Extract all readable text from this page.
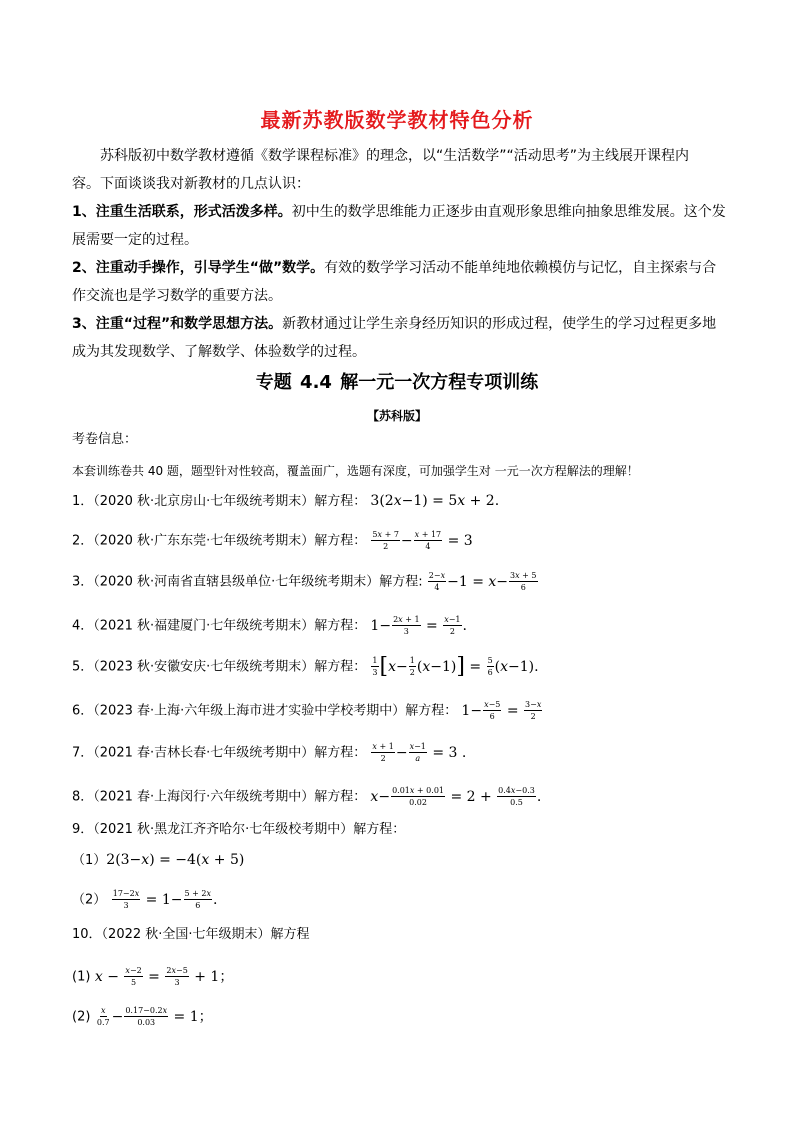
最新苏教版数学教材特色分析
苏科版初中数学教材遵循《数学课程标准》的理念，以“生活数学”“活动思考”为主线展开课程内
容。下面谈谈我对新教材的几点认识：
1、注重生活联系，形式活泼多样。初中生的数学思维能力正逐步由直观形象思维向抽象思维发展。这个发
展需要一定的过程。
2、注重动手操作，引导学生“做”数学。有效的数学学习活动不能单纯地依赖模仿与记忆，自主探索与合
作交流也是学习数学的重要方法。
3、注重“过程”和数学思想方法。新教材通过让学生亲身经历知识的形成过程，使学生的学习过程更多地
成为其发现数学、了解数学、体验数学的过程。
专题 4.4 解一元一次方程专项训练
【苏科版】
考卷信息：
本套训练卷共 40 题，题型针对性较高，覆盖面广，选题有深度，可加强学生对 一元一次方程解法的理解！
1．（2020 秋·北京房山·七年级统考期末）解方程： 3(2x−1) = 5x + 2.
2．（2020 秋·广东东莞·七年级统考期末）解方程： $\frac{5x + 7}{2} - \frac{x + 17}{4} = 3$
3．（2020 秋·河南省直辖县级单位·七年级统考期末）解方程: $\frac{2-x}{4} -1 = x- \frac{3x + 5}{6}$
4．（2021 秋·福建厦门·七年级统考期末）解方程： $1- \frac{2x + 1}{3} = \frac{x-1}{2}$ .
5．（2023 秋·安徽安庆·七年级统考期末）解方程： $\frac{1}{3} [x- \frac{1}{2} (x-1)] = \frac{5}{6} (x-1)$.
6．（2023 春·上海·六年级上海市进才实验中学校考期中）解方程： $1- \frac{x-5}{6} = \frac{3-x}{2}$
7．（2021 春·吉林长春·七年级统考期中）解方程： $\frac{x + 1}{2} - \frac{x-1}{a} = 3$ .
8．（2021 春·上海闵行·六年级统考期中）解方程： $x- \frac{0.01x + 0.01}{0.02} = 2 + \frac{0.4x-0.3}{0.5}$ .
9．（2021 秋·黑龙江齐齐哈尔·七年级校考期中）解方程：
（1）2(3−x) = −4(x + 5)
$(2) \frac{17-2x}{3} = 1- \frac{5 + 2x}{6}$ .
10．（2022 秋·全国·七年级期末）解方程
(1) $x - \frac{x-2}{5} = \frac{2x-5}{3} + 1$；
$(2) \frac{x}{0.7} - \frac{0.17-0.2x}{0.03} = 1$；
